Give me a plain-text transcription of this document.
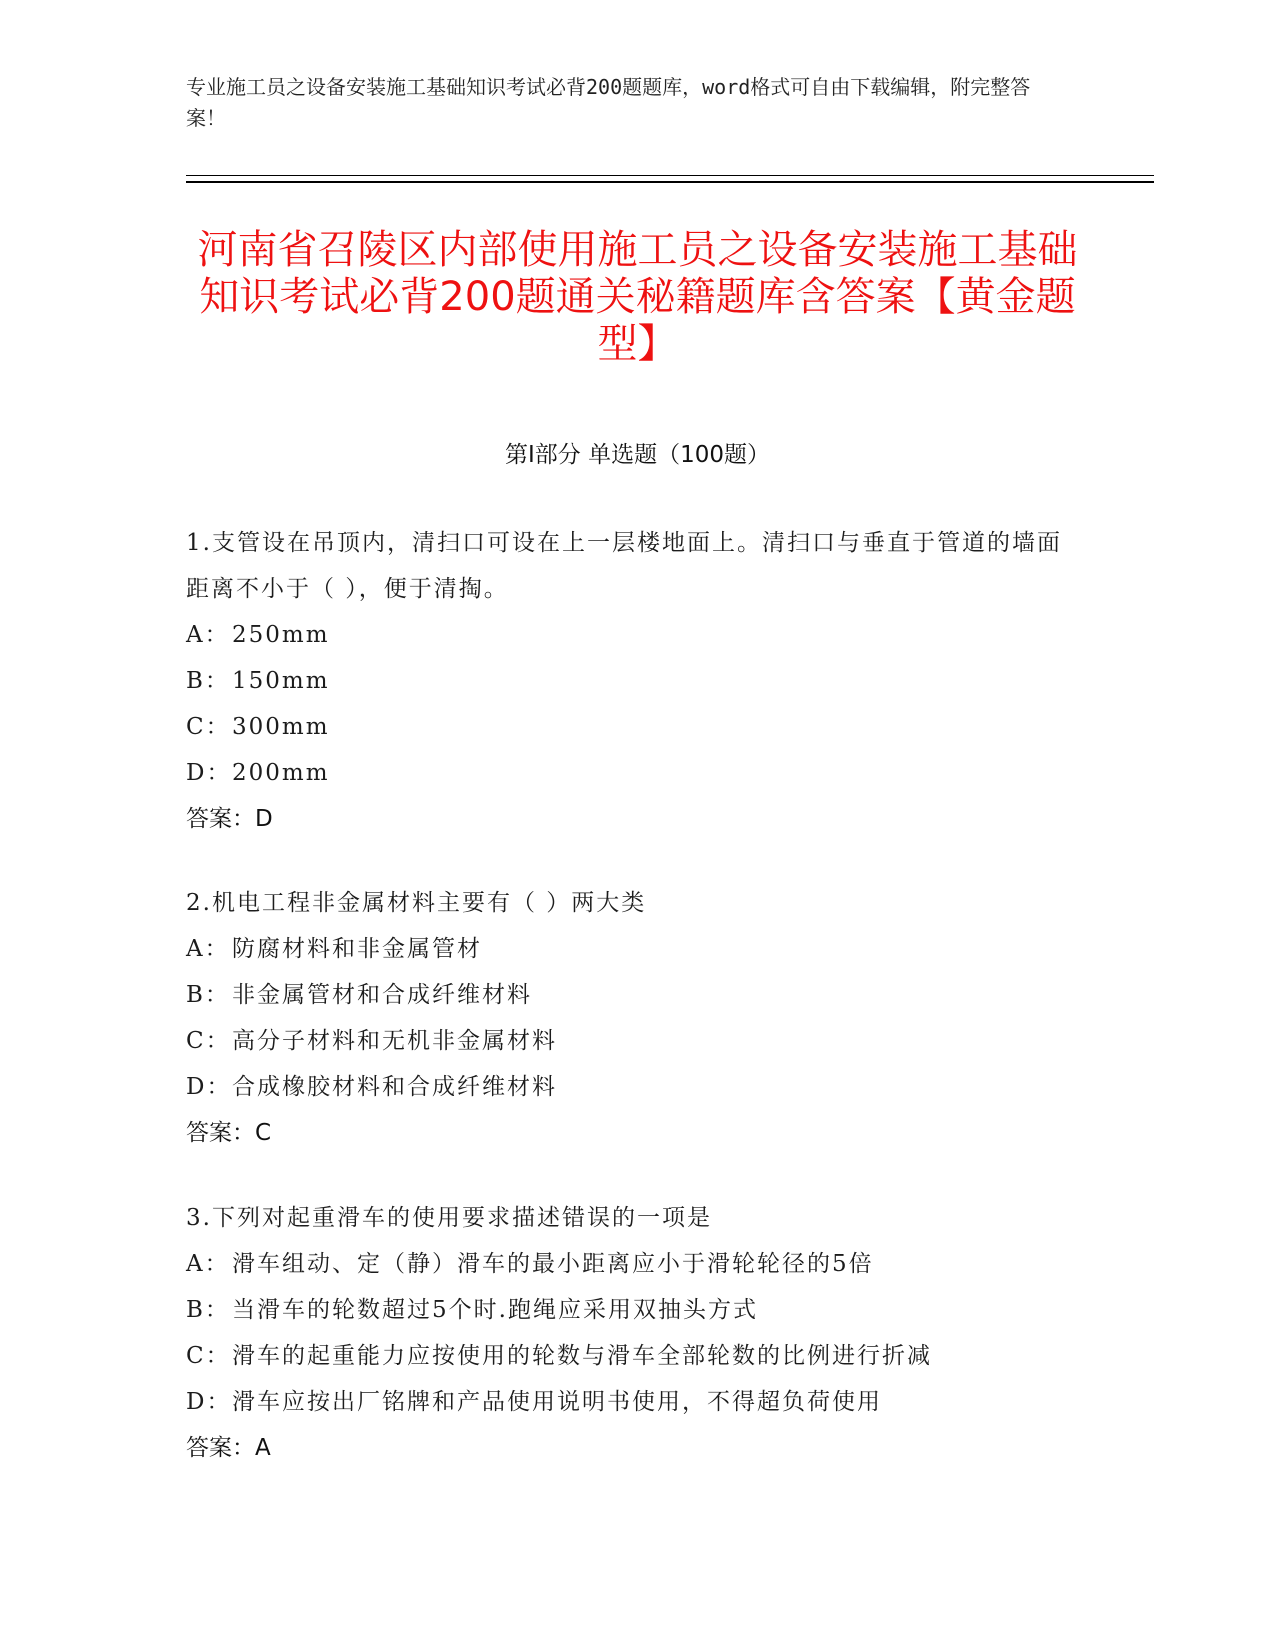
专业施工员之设备安装施工基础知识考试必背200题题库，word格式可自由下载编辑，附完整答案！
河南省召陵区内部使用施工员之设备安装施工基础知识考试必背200题通关秘籍题库含答案【黄金题型】
第Ⅰ部分 单选题（100题）
1.支管设在吊顶内，清扫口可设在上一层楼地面上。清扫口与垂直于管道的墙面距离不小于（ ），便于清掏。
A： 250mm
B：150mm
C：300mm
D：200mm
答案：D
2.机电工程非金属材料主要有（ ）两大类
A： 防腐材料和非金属管材
B：非金属管材和合成纤维材料
C：高分子材料和无机非金属材料
D：合成橡胶材料和合成纤维材料
答案：C
3.下列对起重滑车的使用要求描述错误的一项是
A： 滑车组动、定（静）滑车的最小距离应小于滑轮轮径的5倍
B：当滑车的轮数超过5个时.跑绳应采用双抽头方式
C：滑车的起重能力应按使用的轮数与滑车全部轮数的比例进行折减
D：滑车应按出厂铭牌和产品使用说明书使用，不得超负荷使用
答案：A
